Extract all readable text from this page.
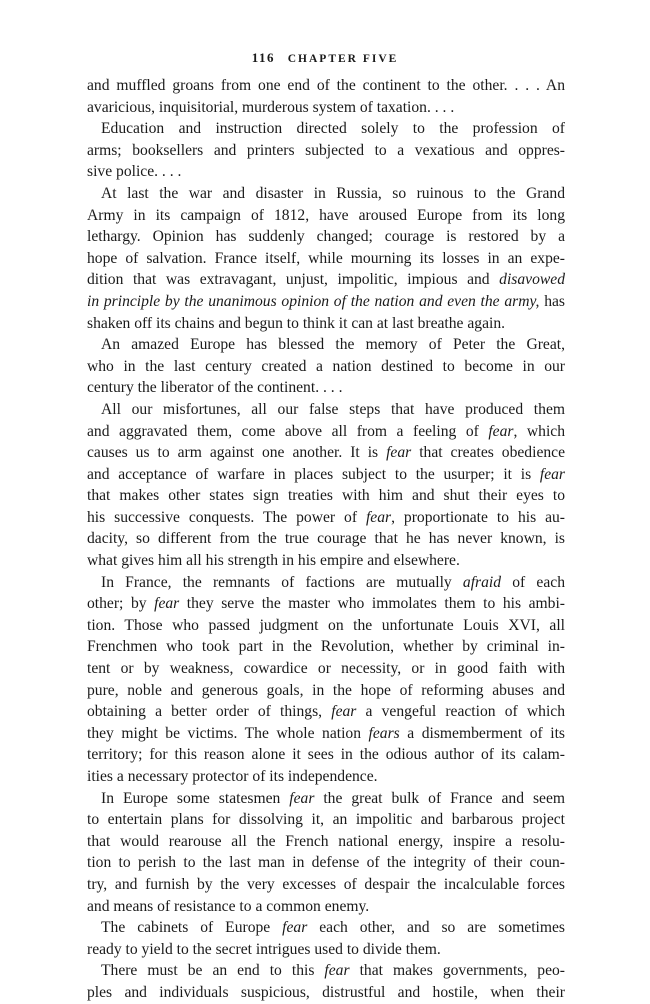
116 CHAPTER FIVE
and muffled groans from one end of the continent to the other. . . . An
avaricious, inquisitorial, murderous system of taxation. . . .
Education and instruction directed solely to the profession of
arms; booksellers and printers subjected to a vexatious and oppres-
sive police. . . .
At last the war and disaster in Russia, so ruinous to the Grand
Army in its campaign of 1812, have aroused Europe from its long
lethargy. Opinion has suddenly changed; courage is restored by a
hope of salvation. France itself, while mourning its losses in an expe-
dition that was extravagant, unjust, impolitic, impious and disavowed
in principle by the unanimous opinion of the nation and even the army, has
shaken off its chains and begun to think it can at last breathe again.
An amazed Europe has blessed the memory of Peter the Great,
who in the last century created a nation destined to become in our
century the liberator of the continent. . . .
All our misfortunes, all our false steps that have produced them
and aggravated them, come above all from a feeling of fear, which
causes us to arm against one another. It is fear that creates obedience
and acceptance of warfare in places subject to the usurper; it is fear
that makes other states sign treaties with him and shut their eyes to
his successive conquests. The power of fear, proportionate to his au-
dacity, so different from the true courage that he has never known, is
what gives him all his strength in his empire and elsewhere.
In France, the remnants of factions are mutually afraid of each
other; by fear they serve the master who immolates them to his ambi-
tion. Those who passed judgment on the unfortunate Louis XVI, all
Frenchmen who took part in the Revolution, whether by criminal in-
tent or by weakness, cowardice or necessity, or in good faith with
pure, noble and generous goals, in the hope of reforming abuses and
obtaining a better order of things, fear a vengeful reaction of which
they might be victims. The whole nation fears a dismemberment of its
territory; for this reason alone it sees in the odious author of its calam-
ities a necessary protector of its independence.
In Europe some statesmen fear the great bulk of France and seem
to entertain plans for dissolving it, an impolitic and barbarous project
that would rearouse all the French national energy, inspire a resolu-
tion to perish to the last man in defense of the integrity of their coun-
try, and furnish by the very excesses of despair the incalculable forces
and means of resistance to a common enemy.
The cabinets of Europe fear each other, and so are sometimes
ready to yield to the secret intrigues used to divide them.
There must be an end to this fear that makes governments, peo-
ples and individuals suspicious, distrustful and hostile, when their
